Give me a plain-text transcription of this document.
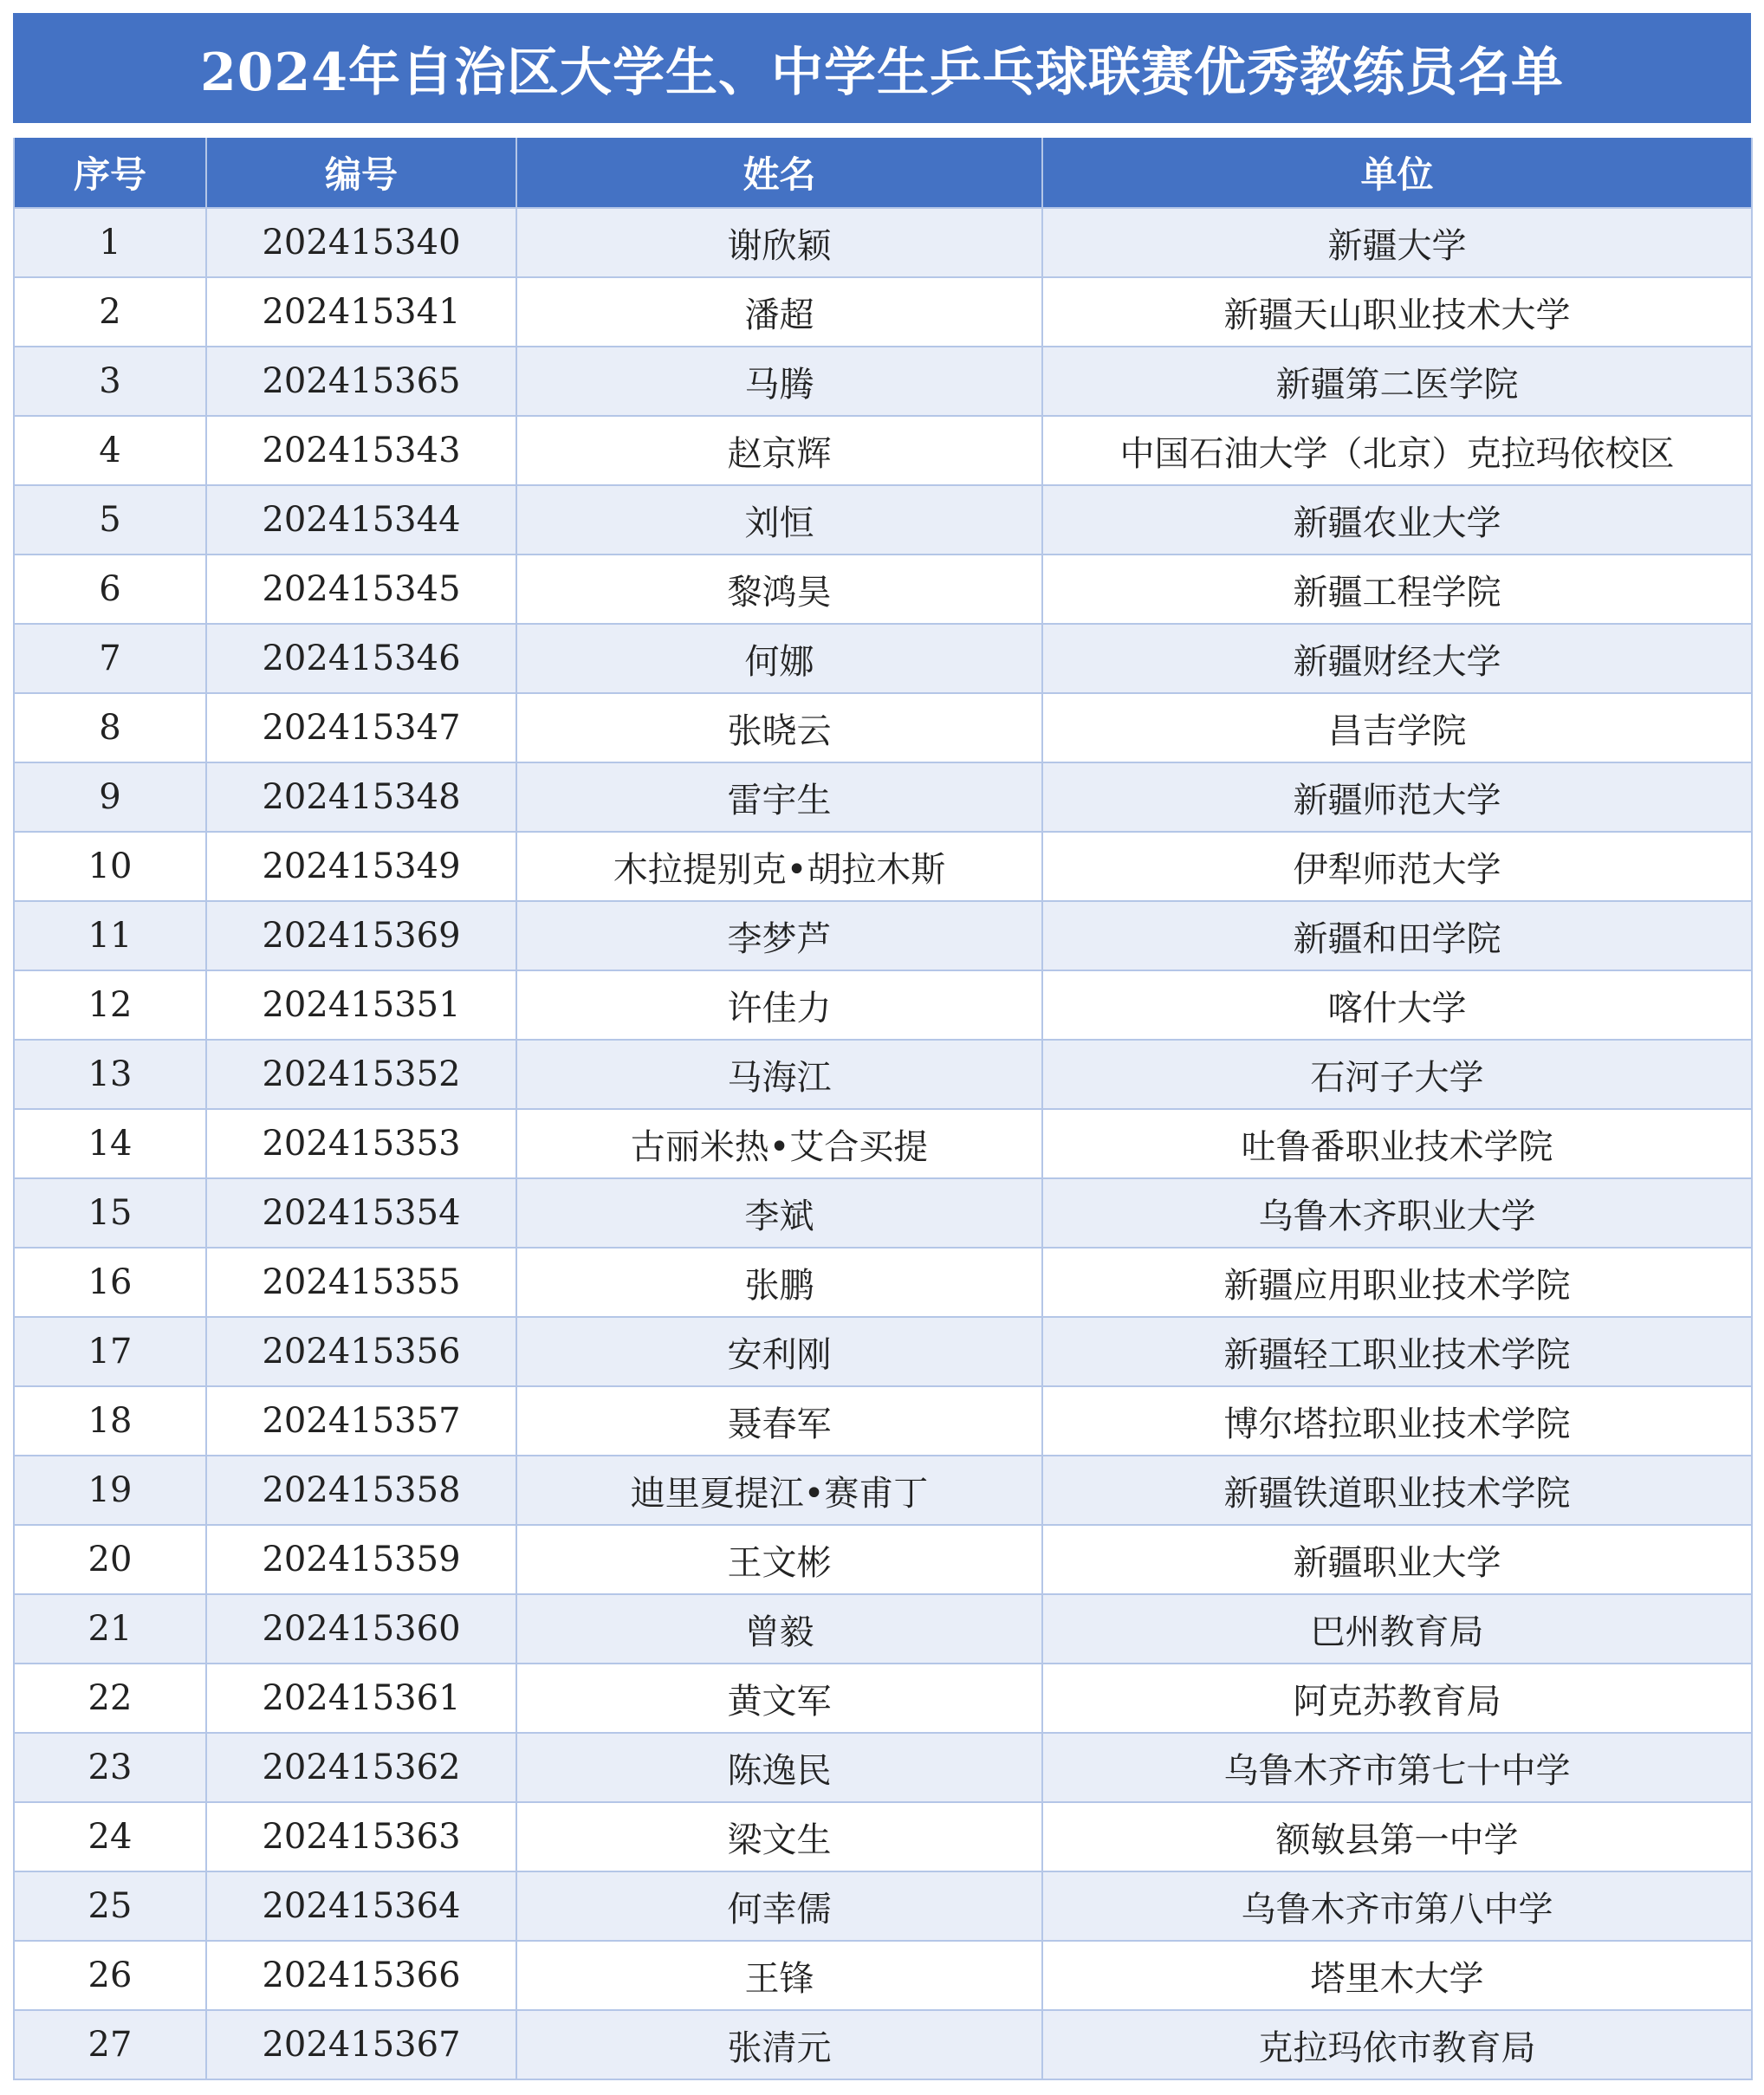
2024年自治区大学生、中学生乒乓球联赛优秀教练员名单
序号	编号	姓名	单位
1	202415340	谢欣颖	新疆大学
2	202415341	潘超	新疆天山职业技术大学
3	202415365	马腾	新疆第二医学院
4	202415343	赵京辉	中国石油大学（北京）克拉玛依校区
5	202415344	刘恒	新疆农业大学
6	202415345	黎鸿昊	新疆工程学院
7	202415346	何娜	新疆财经大学
8	202415347	张晓云	昌吉学院
9	202415348	雷宇生	新疆师范大学
10	202415349	木拉提别克•胡拉木斯	伊犁师范大学
11	202415369	李梦芦	新疆和田学院
12	202415351	许佳力	喀什大学
13	202415352	马海江	石河子大学
14	202415353	古丽米热•艾合买提	吐鲁番职业技术学院
15	202415354	李斌	乌鲁木齐职业大学
16	202415355	张鹏	新疆应用职业技术学院
17	202415356	安利刚	新疆轻工职业技术学院
18	202415357	聂春军	博尔塔拉职业技术学院
19	202415358	迪里夏提江•赛甫丁	新疆铁道职业技术学院
20	202415359	王文彬	新疆职业大学
21	202415360	曾毅	巴州教育局
22	202415361	黄文军	阿克苏教育局
23	202415362	陈逸民	乌鲁木齐市第七十中学
24	202415363	梁文生	额敏县第一中学
25	202415364	何幸儒	乌鲁木齐市第八中学
26	202415366	王锋	塔里木大学
27	202415367	张清元	克拉玛依市教育局
